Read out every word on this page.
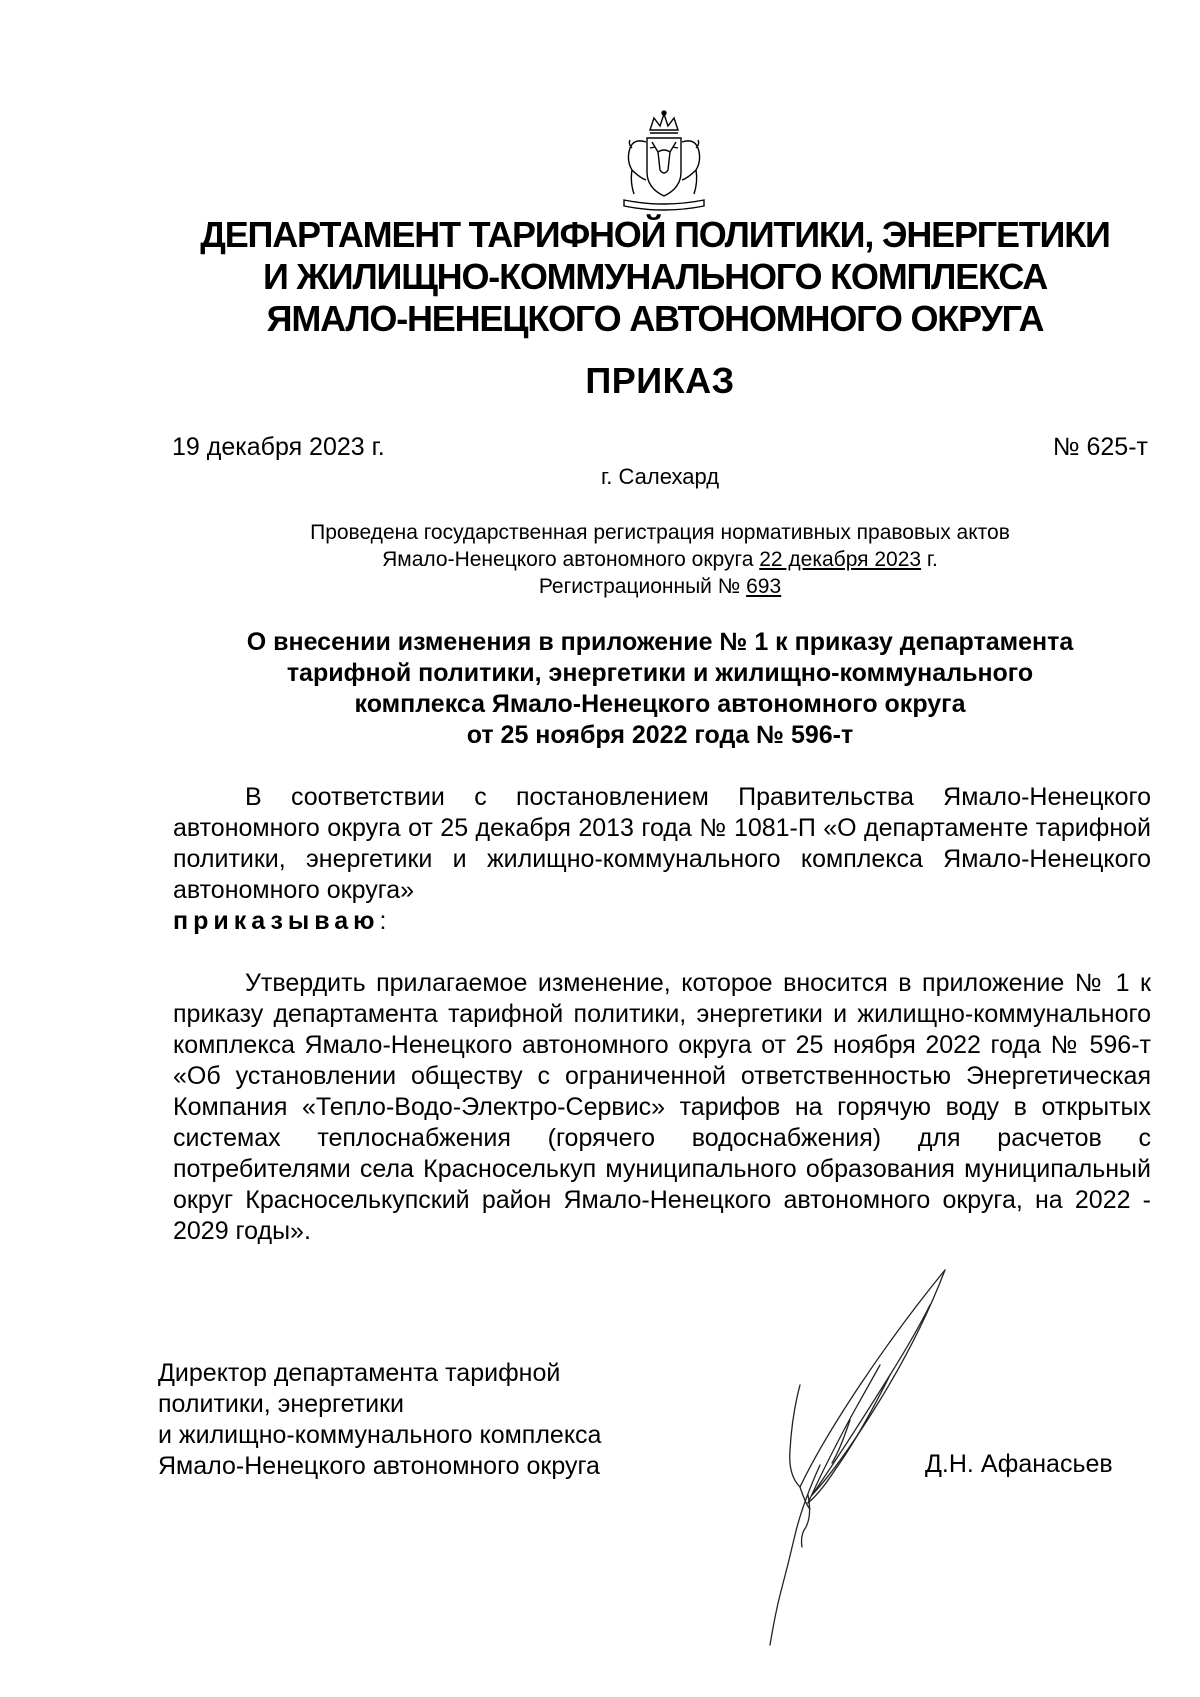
ДЕПАРТАМЕНТ ТАРИФНОЙ ПОЛИТИКИ, ЭНЕРГЕТИКИ
И ЖИЛИЩНО-КОММУНАЛЬНОГО КОМПЛЕКСА
ЯМАЛО-НЕНЕЦКОГО АВТОНОМНОГО ОКРУГА
ПРИКАЗ
19 декабря 2023 г.	№ 625-т
г. Салехард
Проведена государственная регистрация нормативных правовых актов
Ямало-Ненецкого автономного округа 22 декабря 2023 г.
Регистрационный № 693
О внесении изменения в приложение № 1 к приказу департамента
тарифной политики, энергетики и жилищно-коммунального
комплекса Ямало-Ненецкого автономного округа
от 25 ноября 2022 года № 596-т
В соответствии с постановлением Правительства Ямало-Ненецкого автономного округа от 25 декабря 2013 года № 1081-П «О департаменте тарифной политики, энергетики и жилищно-коммунального комплекса Ямало-Ненецкого автономного округа»
приказываю:
Утвердить прилагаемое изменение, которое вносится в приложение № 1 к приказу департамента тарифной политики, энергетики и жилищно-коммунального комплекса Ямало-Ненецкого автономного округа от 25 ноября 2022 года № 596-т «Об установлении обществу с ограниченной ответственностью Энергетическая Компания «Тепло-Водо-Электро-Сервис» тарифов на горячую воду в открытых системах теплоснабжения (горячего водоснабжения) для расчетов с потребителями села Красноселькуп муниципального образования муниципальный округ Красноселькупский район Ямало-Ненецкого автономного округа, на 2022 - 2029 годы».
Директор департамента тарифной
политики, энергетики
и жилищно-коммунального комплекса
Ямало-Ненецкого автономного округа	Д.Н. Афанасьев
